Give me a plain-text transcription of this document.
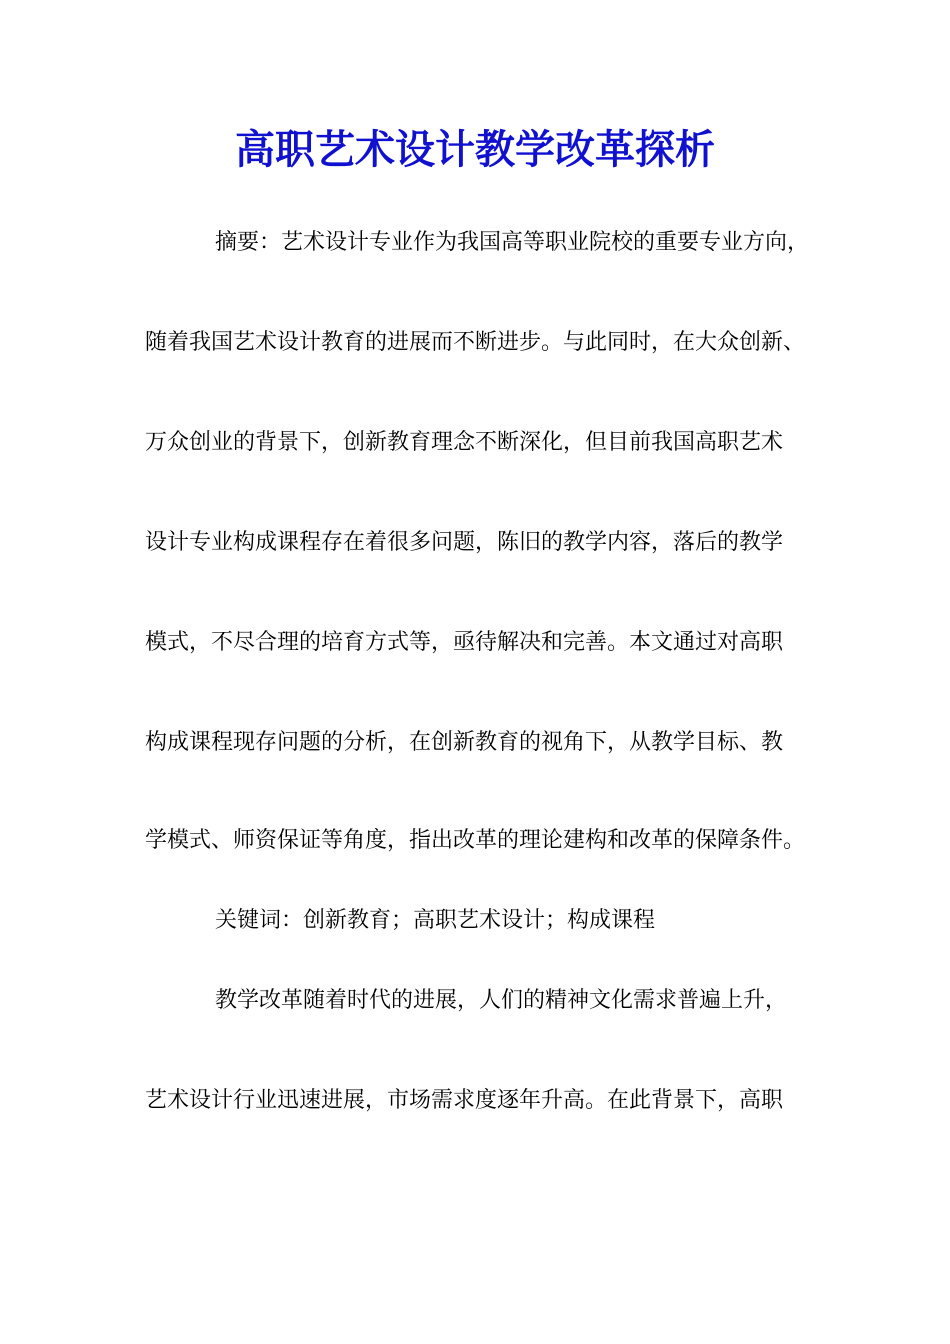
高职艺术设计教学改革探析
摘要：艺术设计专业作为我国高等职业院校的重要专业方向，
随着我国艺术设计教育的进展而不断进步。与此同时，在大众创新、
万众创业的背景下，创新教育理念不断深化，但目前我国高职艺术
设计专业构成课程存在着很多问题，陈旧的教学内容，落后的教学
模式，不尽合理的培育方式等，亟待解决和完善。本文通过对高职
构成课程现存问题的分析，在创新教育的视角下，从教学目标、教
学模式、师资保证等角度，指出改革的理论建构和改革的保障条件。
关键词：创新教育；高职艺术设计；构成课程
教学改革随着时代的进展，人们的精神文化需求普遍上升，
艺术设计行业迅速进展，市场需求度逐年升高。在此背景下，高职
